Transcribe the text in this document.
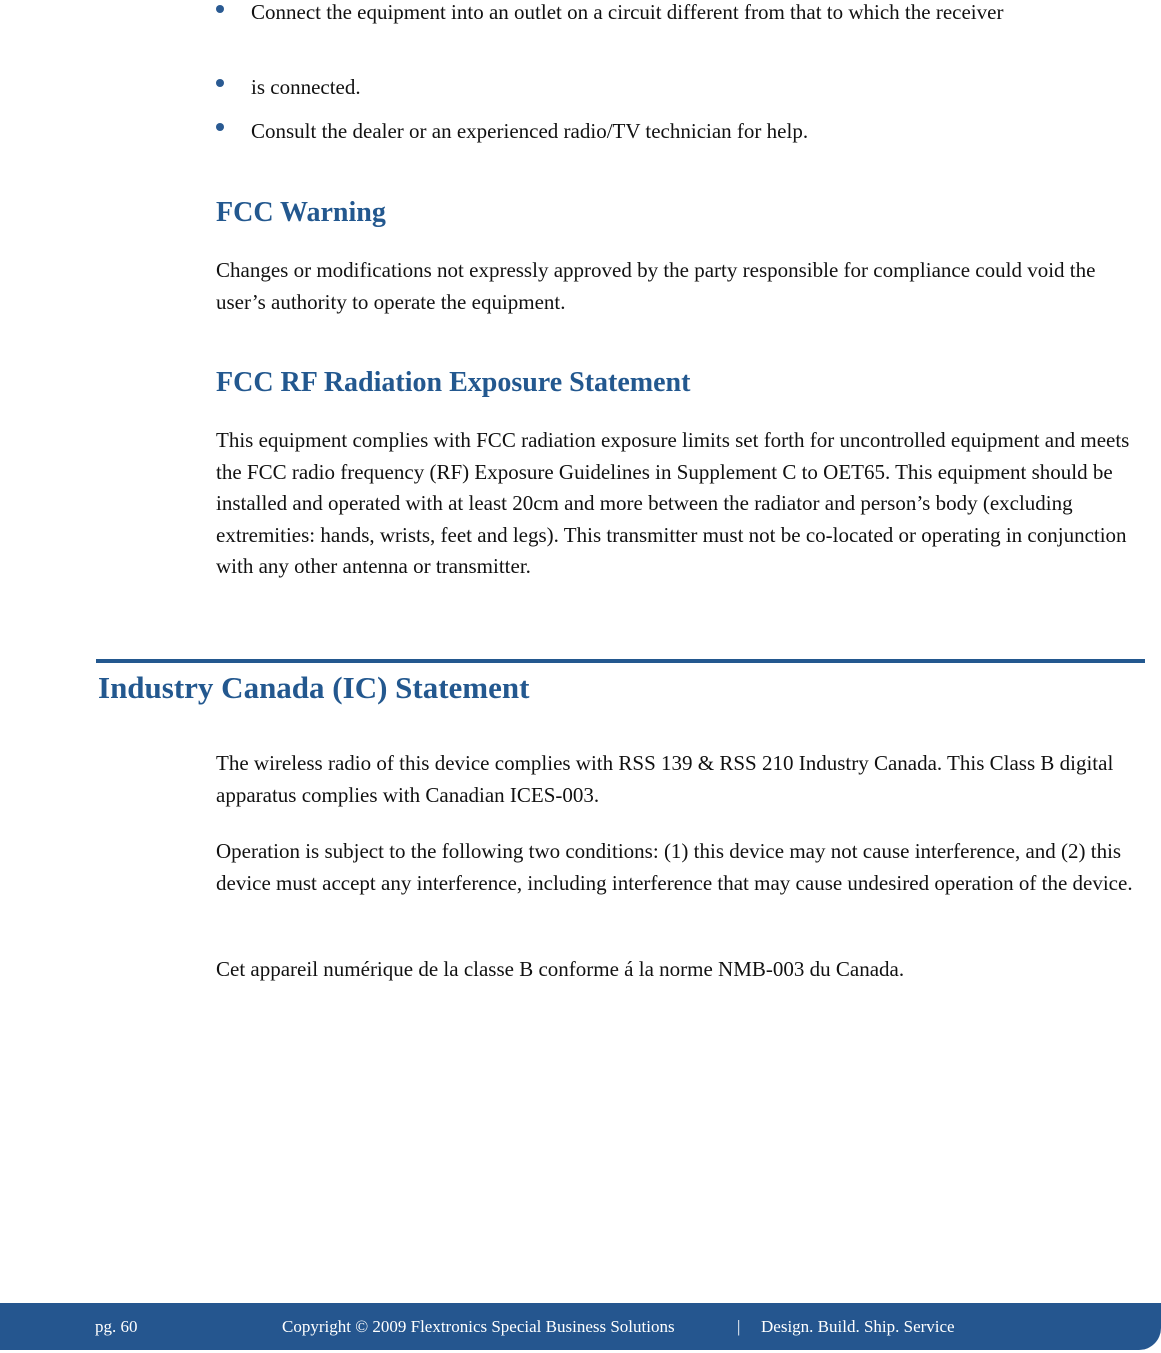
Connect the equipment into an outlet on a circuit different from that to which the receiver
is connected.
Consult the dealer or an experienced radio/TV technician for help.
FCC Warning

Changes or modifications not expressly approved by the party responsible for compliance could void the user’s authority to operate the equipment.

FCC RF Radiation Exposure Statement

This equipment complies with FCC radiation exposure limits set forth for uncontrolled equipment and meets the FCC radio frequency (RF) Exposure Guidelines in Supplement C to OET65. This equipment should be installed and operated with at least 20cm and more between the radiator and person’s body (excluding extremities: hands, wrists, feet and legs). This transmitter must not be co-located or operating in conjunction with any other antenna or transmitter.

Industry Canada (IC) Statement

The wireless radio of this device complies with RSS 139 & RSS 210 Industry Canada. This Class B digital apparatus complies with Canadian ICES-003.

Operation is subject to the following two conditions: (1) this device may not cause interference, and (2) this device must accept any interference, including interference that may cause undesired operation of the device.

Cet appareil numérique de la classe B conforme á la norme NMB-003 du Canada.

pg. 60	Copyright © 2009 Flextronics Special Business Solutions	| Design. Build. Ship. Service
